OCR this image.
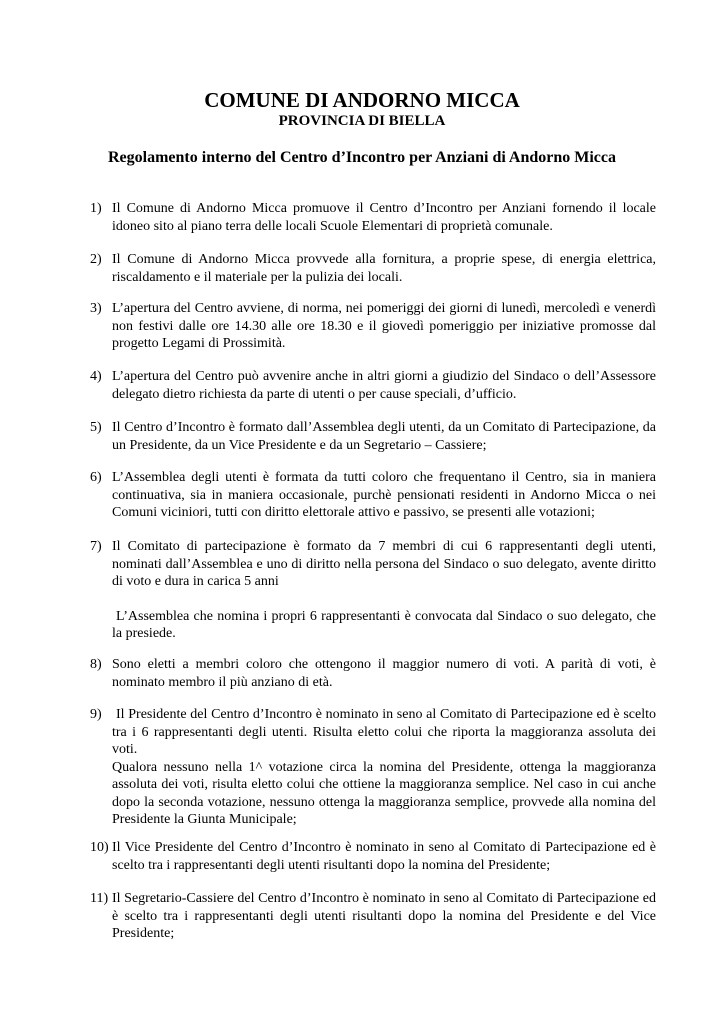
COMUNE DI ANDORNO MICCA
PROVINCIA DI BIELLA
Regolamento interno del Centro d’Incontro per Anziani di Andorno Micca
1) Il Comune di Andorno Micca promuove il Centro d’Incontro per Anziani fornendo il locale idoneo sito al piano terra delle locali Scuole Elementari di proprietà comunale.
2) Il Comune di Andorno Micca provvede alla fornitura, a proprie spese, di energia elettrica, riscaldamento e il materiale per la pulizia dei locali.
3) L’apertura del Centro avviene, di norma, nei pomeriggi dei giorni di lunedì, mercoledì e venerdì non festivi dalle ore 14.30 alle ore 18.30 e il giovedì pomeriggio per iniziative promosse dal progetto Legami di Prossimità.
4) L’apertura del Centro può avvenire anche in altri giorni a giudizio del Sindaco o dell’Assessore delegato dietro richiesta da parte di utenti o per cause speciali, d’ufficio.
5) Il Centro d’Incontro è formato dall’Assemblea degli utenti, da un Comitato di Partecipazione, da un Presidente, da un Vice Presidente e da un Segretario – Cassiere;
6) L’Assemblea degli utenti è formata da tutti coloro che frequentano il Centro, sia in maniera continuativa, sia in maniera occasionale, purchè pensionati residenti in Andorno Micca o nei Comuni viciniori, tutti con diritto elettorale attivo e passivo, se presenti alle votazioni;
7) Il Comitato di partecipazione è formato da 7 membri di cui 6 rappresentanti degli utenti, nominati dall’Assemblea e uno di diritto nella persona del Sindaco o suo delegato, avente diritto di voto e dura in carica 5 anni

L’Assemblea che nomina i propri 6 rappresentanti è convocata dal Sindaco o suo delegato, che la presiede.

8) Sono eletti a membri coloro che ottengono il maggior numero di voti. A parità di voti, è nominato membro il più anziano di età.
9) Il Presidente del Centro d’Incontro è nominato in seno al Comitato di Partecipazione ed è scelto tra i 6 rappresentanti degli utenti. Risulta eletto colui che riporta la maggioranza assoluta dei voti.

Qualora nessuno nella 1^ votazione circa la nomina del Presidente, ottenga la maggioranza assoluta dei voti, risulta eletto colui che ottiene la maggioranza semplice. Nel caso in cui anche dopo la seconda votazione, nessuno ottenga la maggioranza semplice, provvede alla nomina del Presidente la Giunta Municipale;

10) Il Vice Presidente del Centro d’Incontro è nominato in seno al Comitato di Partecipazione ed è scelto tra i rappresentanti degli utenti risultanti dopo la nomina del Presidente;
11) Il Segretario-Cassiere del Centro d’Incontro è nominato in seno al Comitato di Partecipazione ed è scelto tra i rappresentanti degli utenti risultanti dopo la nomina del Presidente e del Vice Presidente;
